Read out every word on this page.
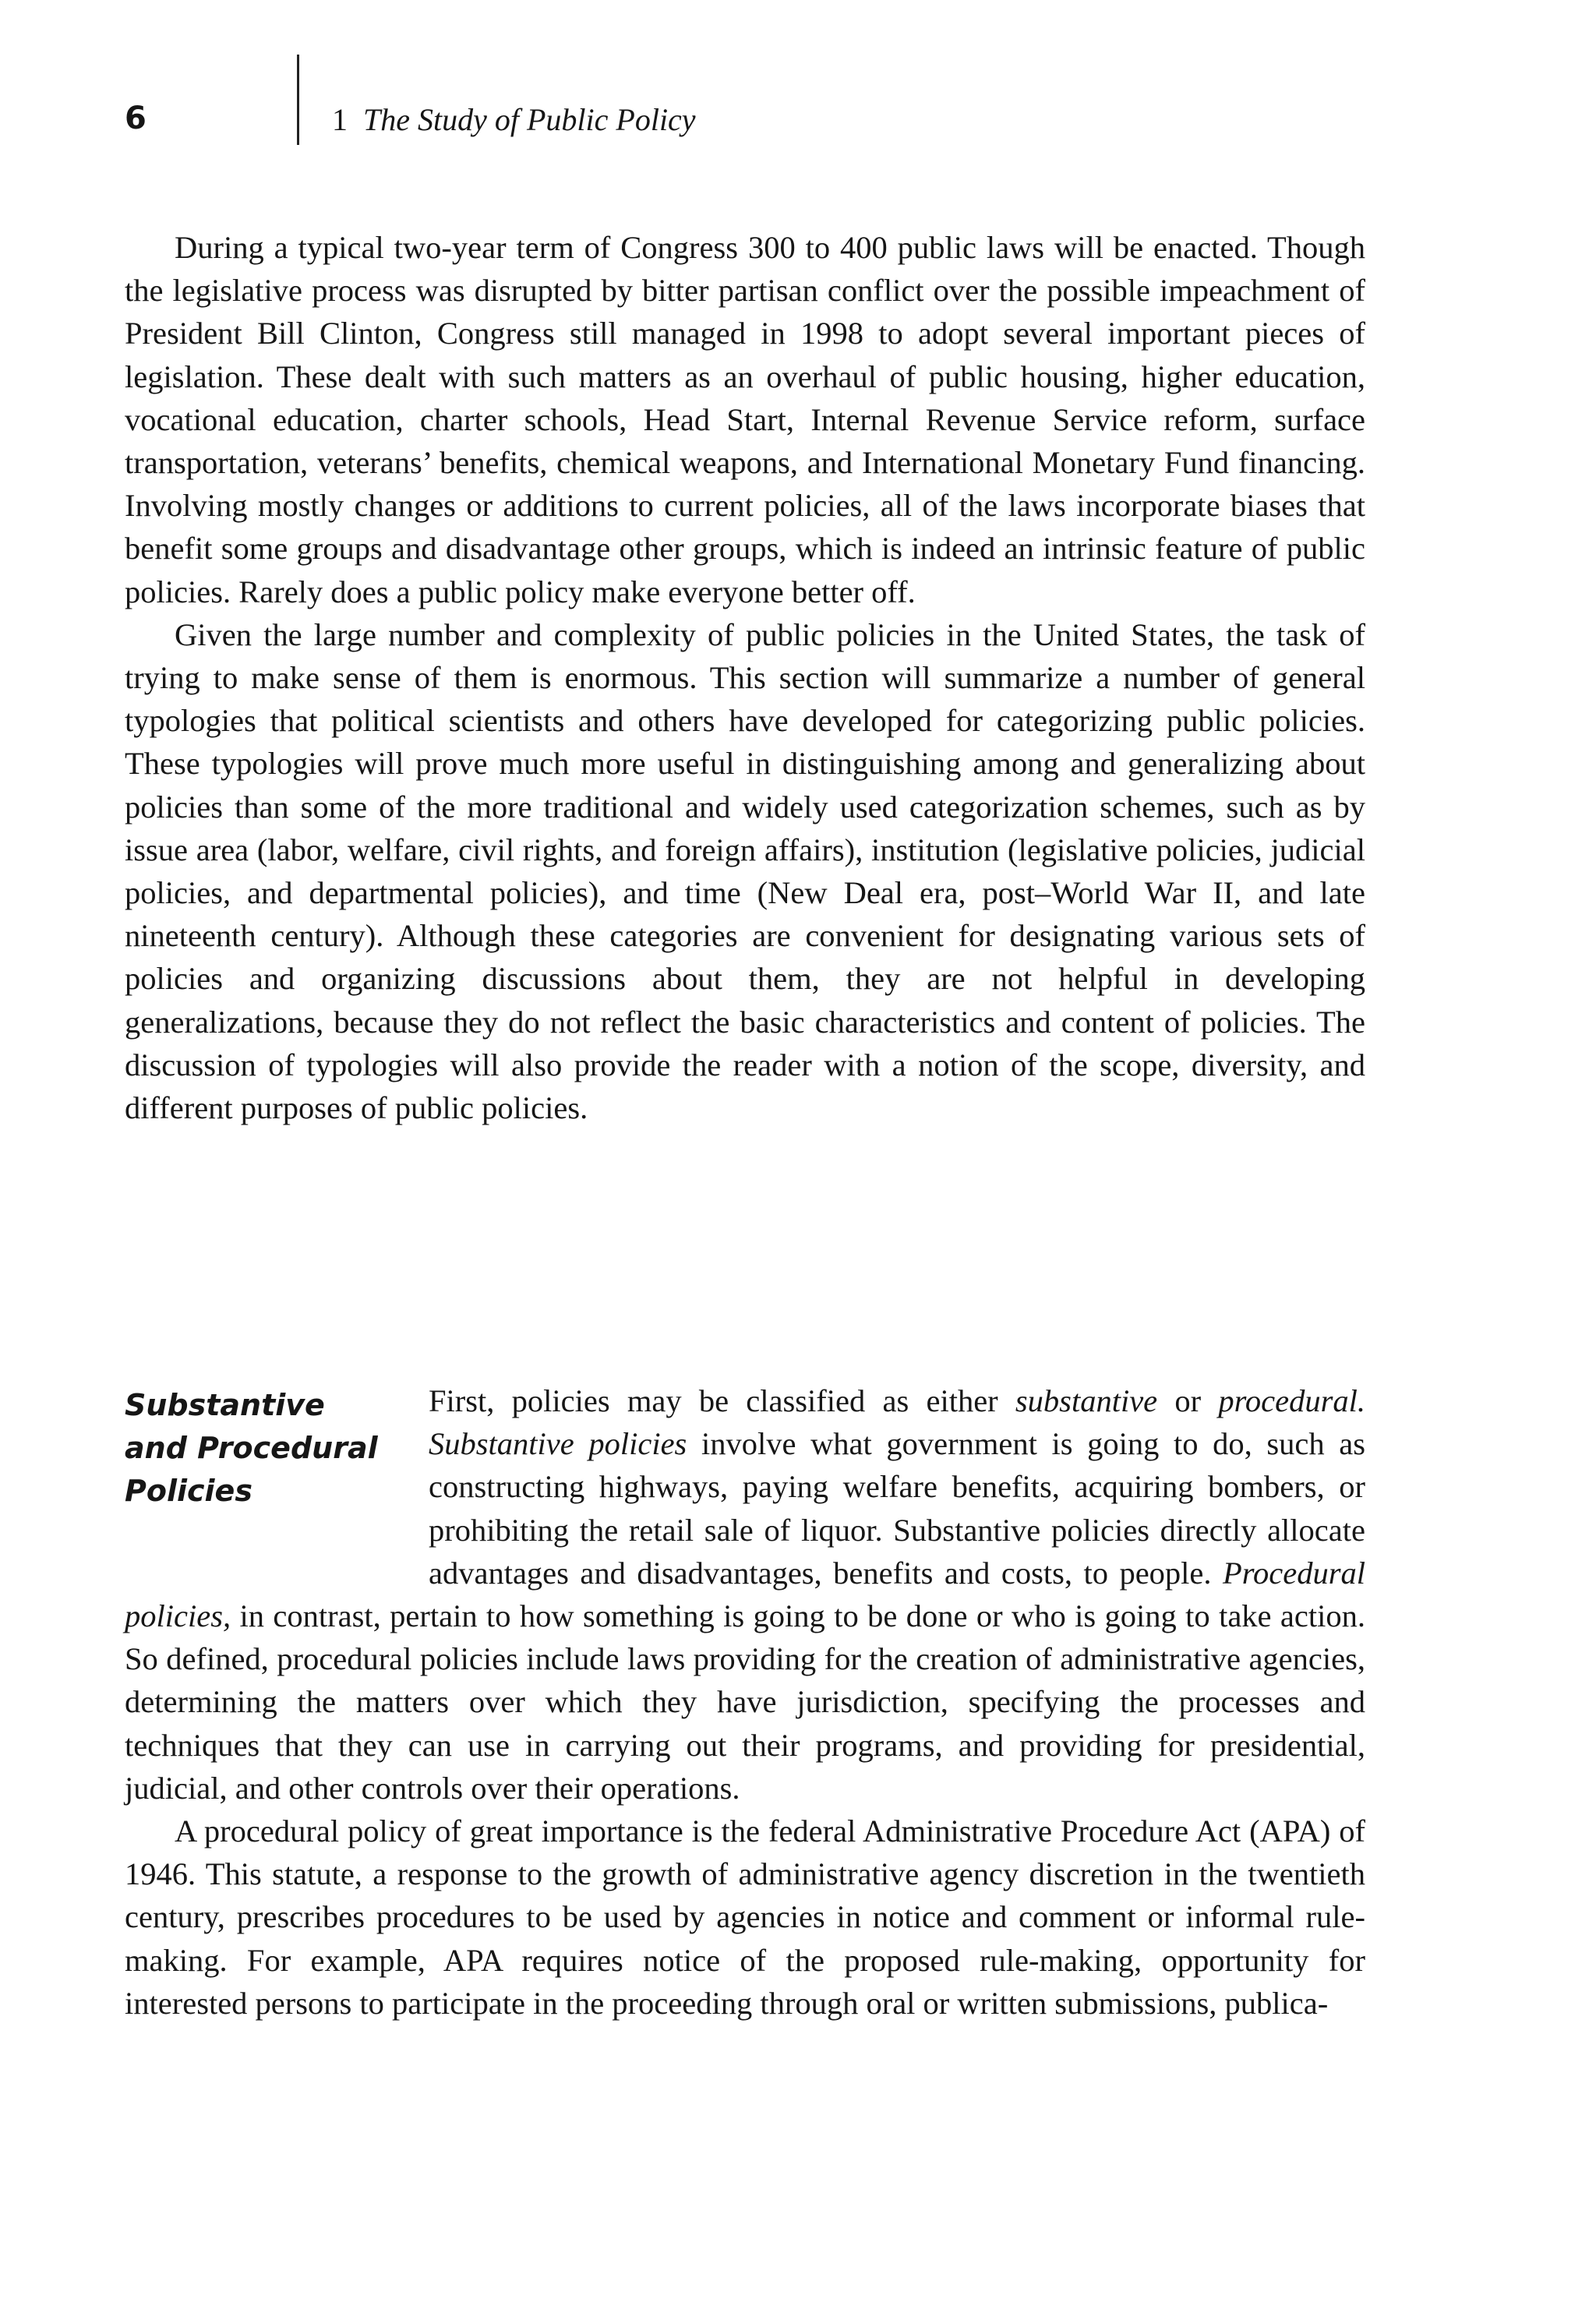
6	1 The Study of Public Policy

During a typical two-year term of Congress 300 to 400 public laws will be enacted. Though the legislative process was disrupted by bitter partisan conflict over the possible impeachment of President Bill Clinton, Congress still managed in 1998 to adopt several important pieces of legislation. These dealt with such matters as an overhaul of public housing, higher education, vocational education, charter schools, Head Start, Internal Revenue Service reform, surface transportation, veterans’ benefits, chemical weapons, and International Monetary Fund financing. Involving mostly changes or additions to current policies, all of the laws incorporate biases that benefit some groups and disadvantage other groups, which is indeed an intrinsic feature of public policies. Rarely does a public policy make everyone better off.

Given the large number and complexity of public policies in the United States, the task of trying to make sense of them is enormous. This section will summarize a number of general typologies that political scientists and others have developed for categorizing public policies. These typologies will prove much more useful in distinguishing among and generalizing about policies than some of the more traditional and widely used categorization schemes, such as by issue area (labor, welfare, civil rights, and foreign affairs), institution (legislative policies, judicial policies, and departmental policies), and time (New Deal era, post–World War II, and late nineteenth century). Although these categories are convenient for designating various sets of policies and organizing discussions about them, they are not helpful in developing generalizations, because they do not reflect the basic characteristics and content of policies. The discussion of typologies will also provide the reader with a notion of the scope, diversity, and different purposes of public policies.

Substantive
and Procedural
Policies

First, policies may be classified as either substantive or procedural. Substantive policies involve what government is going to do, such as constructing highways, paying welfare benefits, acquiring bombers, or prohibiting the retail sale of liquor. Substantive policies directly allocate advantages and disadvantages, benefits and costs, to people. Procedural policies, in contrast, pertain to how something is going to be done or who is going to take action. So defined, procedural policies include laws providing for the creation of administrative agencies, determining the matters over which they have jurisdiction, specifying the processes and techniques that they can use in carrying out their programs, and providing for presidential, judicial, and other controls over their operations.

A procedural policy of great importance is the federal Administrative Procedure Act (APA) of 1946. This statute, a response to the growth of administrative agency discretion in the twentieth century, prescribes procedures to be used by agencies in notice and comment or informal rule-making. For example, APA requires notice of the proposed rule-making, opportunity for interested persons to participate in the proceeding through oral or written submissions, publica-
